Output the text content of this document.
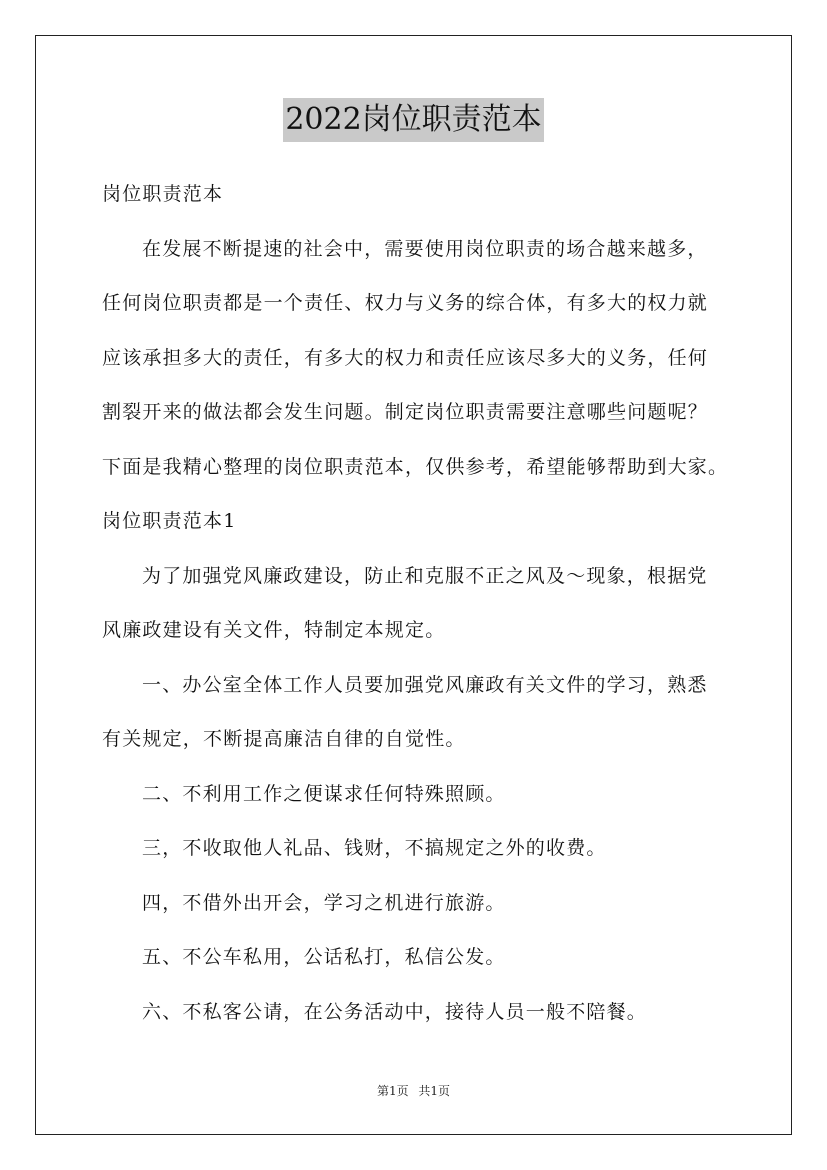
2022岗位职责范本
岗位职责范本
在发展不断提速的社会中，需要使用岗位职责的场合越来越多，
任何岗位职责都是一个责任、权力与义务的综合体，有多大的权力就
应该承担多大的责任，有多大的权力和责任应该尽多大的义务，任何
割裂开来的做法都会发生问题。制定岗位职责需要注意哪些问题呢？
下面是我精心整理的岗位职责范本，仅供参考，希望能够帮助到大家。
岗位职责范本1
为了加强党风廉政建设，防止和克服不正之风及～现象，根据党
风廉政建设有关文件，特制定本规定。
一、办公室全体工作人员要加强党风廉政有关文件的学习，熟悉
有关规定，不断提高廉洁自律的自觉性。
二、不利用工作之便谋求任何特殊照顾。
三，不收取他人礼品、钱财，不搞规定之外的收费。
四，不借外出开会，学习之机进行旅游。
五、不公车私用，公话私打，私信公发。
六、不私客公请，在公务活动中，接待人员一般不陪餐。
第1页 共1页
